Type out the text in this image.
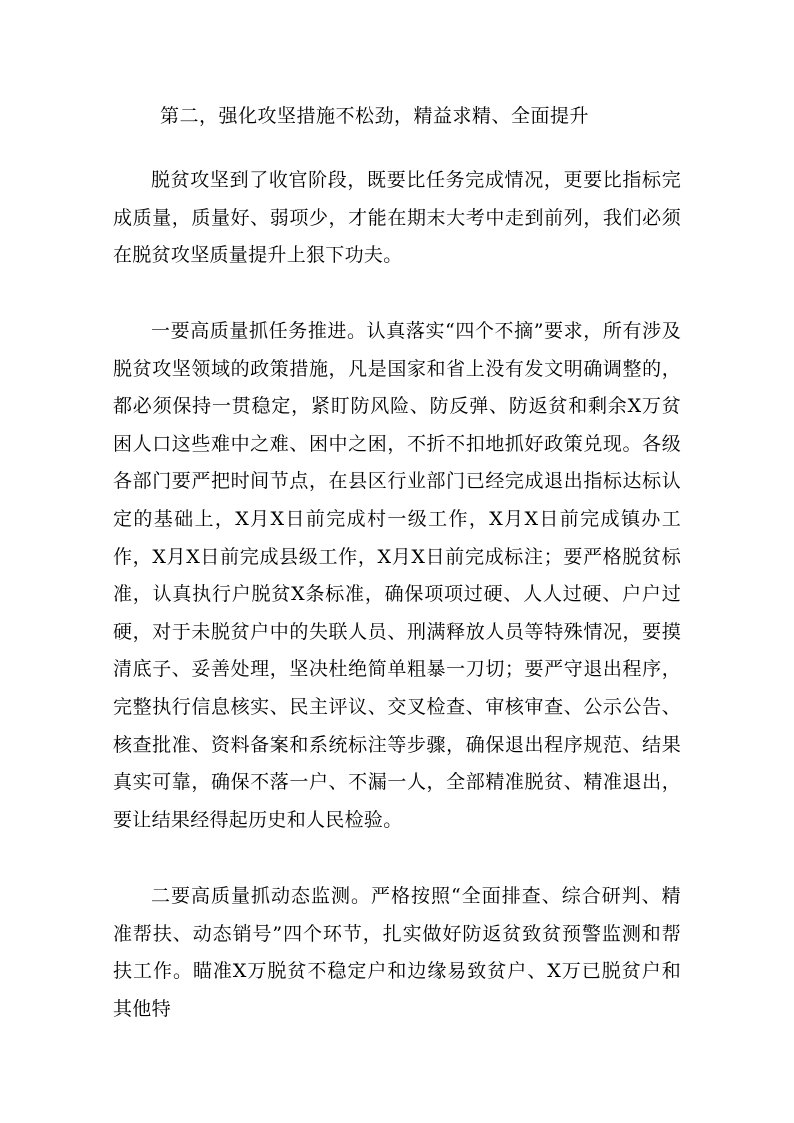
第二，强化攻坚措施不松劲，精益求精、全面提升

脱贫攻坚到了收官阶段，既要比任务完成情况，更要比指标完成质量，质量好、弱项少，才能在期末大考中走到前列，我们必须在脱贫攻坚质量提升上狠下功夫。

一要高质量抓任务推进。认真落实“四个不摘”要求，所有涉及脱贫攻坚领域的政策措施，凡是国家和省上没有发文明确调整的，都必须保持一贯稳定，紧盯防风险、防反弹、防返贫和剩余X万贫困人口这些难中之难、困中之困，不折不扣地抓好政策兑现。各级各部门要严把时间节点，在县区行业部门已经完成退出指标达标认定的基础上，X月X日前完成村一级工作，X月X日前完成镇办工作，X月X日前完成县级工作，X月X日前完成标注；要严格脱贫标准，认真执行户脱贫X条标准，确保项项过硬、人人过硬、户户过硬，对于未脱贫户中的失联人员、刑满释放人员等特殊情况，要摸清底子、妥善处理，坚决杜绝简单粗暴一刀切；要严守退出程序，完整执行信息核实、民主评议、交叉检查、审核审查、公示公告、核查批准、资料备案和系统标注等步骤，确保退出程序规范、结果真实可靠，确保不落一户、不漏一人，全部精准脱贫、精准退出，要让结果经得起历史和人民检验。

二要高质量抓动态监测。严格按照“全面排查、综合研判、精准帮扶、动态销号”四个环节，扎实做好防返贫致贫预警监测和帮扶工作。瞄准X万脱贫不稳定户和边缘易致贫户、X万已脱贫户和其他特
